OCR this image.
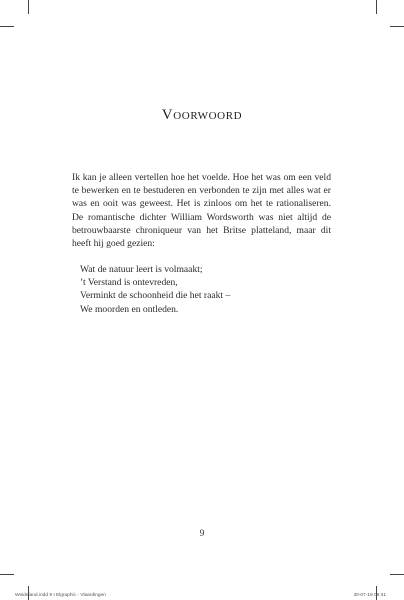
Voorwoord

Ik kan je alleen vertellen hoe het voelde. Hoe het was om een veld te bewerken en te bestuderen en verbonden te zijn met alles wat er was en ooit was geweest. Het is zinloos om het te rationaliseren. De romantische dichter William Wordsworth was niet altijd de betrouwbaarste chroniqueur van het Britse platteland, maar dit heeft hij goed gezien:

Wat de natuur leert is volmaakt;
’t Verstand is ontevreden,
Verminkt de schoonheid die het raakt –
We moorden en ontleden.
9
Weideland.indd 9 I Elgraphic - Vlaardingen	30-07-19 09:31
